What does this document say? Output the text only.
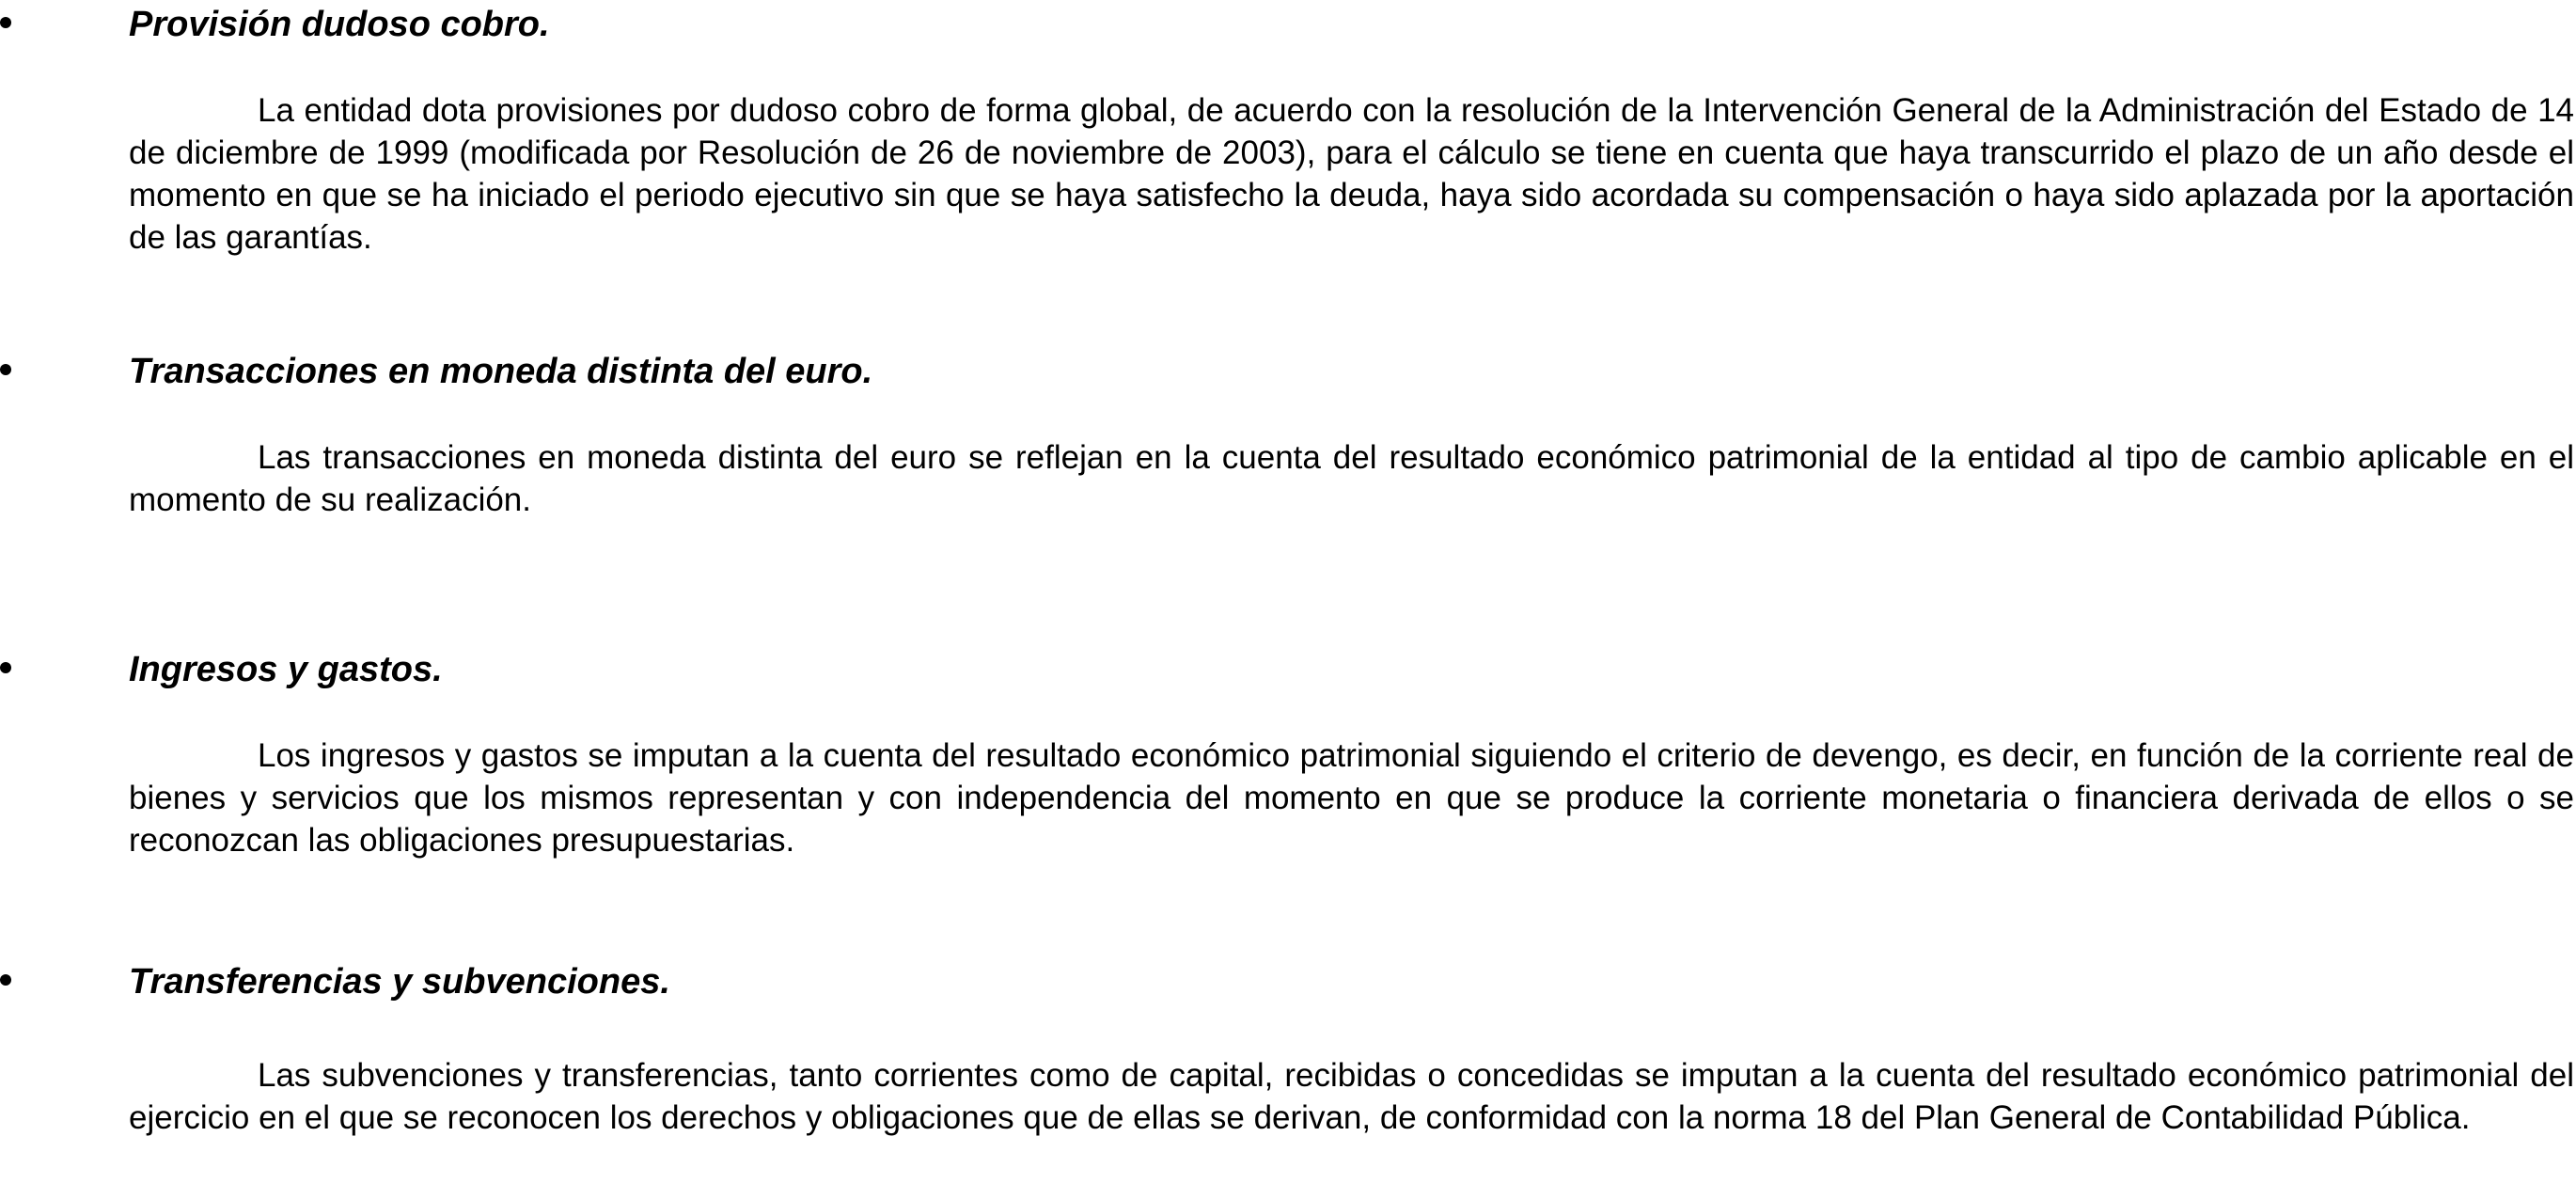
Provisión dudoso cobro.

La entidad dota provisiones por dudoso cobro de forma global, de acuerdo con la resolución de la Intervención General de la Administración del Estado de 14 de diciembre de 1999 (modificada por Resolución de 26 de noviembre de 2003), para el cálculo se tiene en cuenta que haya transcurrido el plazo de un año desde el momento en que se ha iniciado el periodo ejecutivo sin que se haya satisfecho la deuda, haya sido acordada su compensación o haya sido aplazada por la aportación de las garantías.

Transacciones en moneda distinta del euro.

Las transacciones en moneda distinta del euro se reflejan en la cuenta del resultado económico patrimonial de la entidad al tipo de cambio aplicable en el momento de su realización.

Ingresos y gastos.

Los ingresos y gastos se imputan a la cuenta del resultado económico patrimonial siguiendo el criterio de devengo, es decir, en función de la corriente real de bienes y servicios que los mismos representan y con independencia del momento en que se produce la corriente monetaria o financiera derivada de ellos o se reconozcan las obligaciones presupuestarias.

Transferencias y subvenciones.

Las subvenciones y transferencias, tanto corrientes como de capital, recibidas o concedidas se imputan a la cuenta del resultado económico patrimonial del ejercicio en el que se reconocen los derechos y obligaciones que de ellas se derivan, de conformidad con la norma 18 del Plan General de Contabilidad Pública.
